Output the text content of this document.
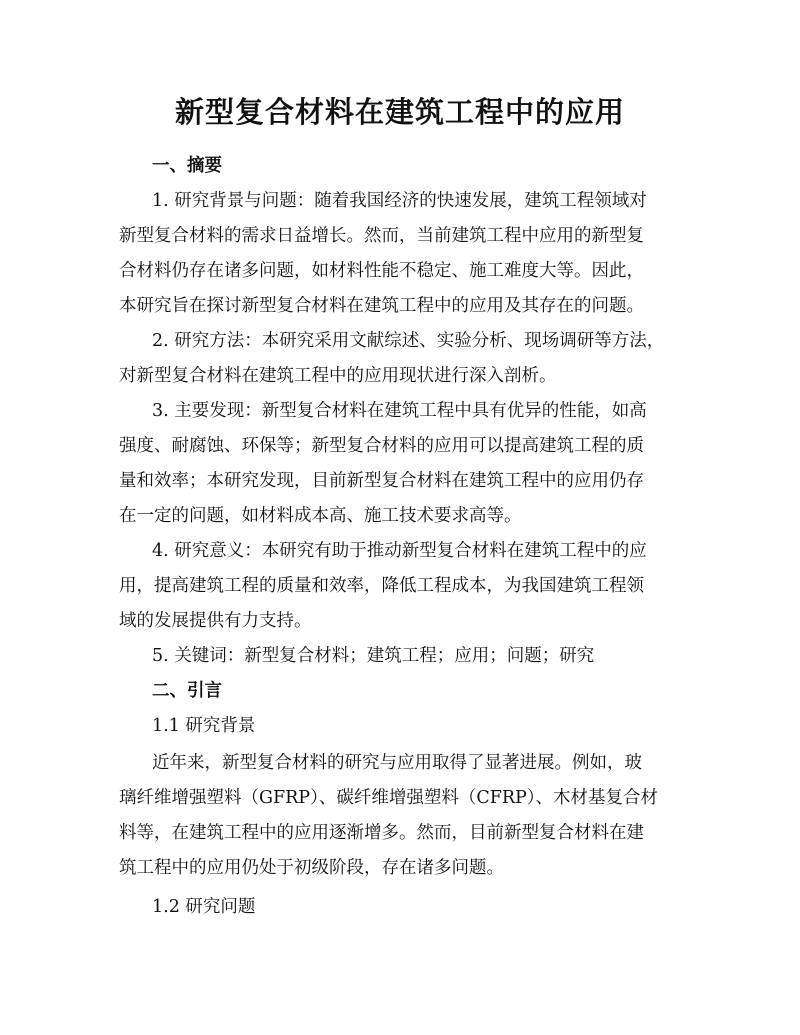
新型复合材料在建筑工程中的应用
一、摘要
1. 研究背景与问题：随着我国经济的快速发展，建筑工程领域对
新型复合材料的需求日益增长。然而，当前建筑工程中应用的新型复
合材料仍存在诸多问题，如材料性能不稳定、施工难度大等。因此，
本研究旨在探讨新型复合材料在建筑工程中的应用及其存在的问题。
2. 研究方法：本研究采用文献综述、实验分析、现场调研等方法，
对新型复合材料在建筑工程中的应用现状进行深入剖析。
3. 主要发现：新型复合材料在建筑工程中具有优异的性能，如高
强度、耐腐蚀、环保等；新型复合材料的应用可以提高建筑工程的质
量和效率；本研究发现，目前新型复合材料在建筑工程中的应用仍存
在一定的问题，如材料成本高、施工技术要求高等。
4. 研究意义：本研究有助于推动新型复合材料在建筑工程中的应
用，提高建筑工程的质量和效率，降低工程成本，为我国建筑工程领
域的发展提供有力支持。
5. 关键词：新型复合材料；建筑工程；应用；问题；研究
二、引言
1.1 研究背景
近年来，新型复合材料的研究与应用取得了显著进展。例如，玻
璃纤维增强塑料（GFRP）、碳纤维增强塑料（CFRP）、木材基复合材
料等，在建筑工程中的应用逐渐增多。然而，目前新型复合材料在建
筑工程中的应用仍处于初级阶段，存在诸多问题。
1.2 研究问题
